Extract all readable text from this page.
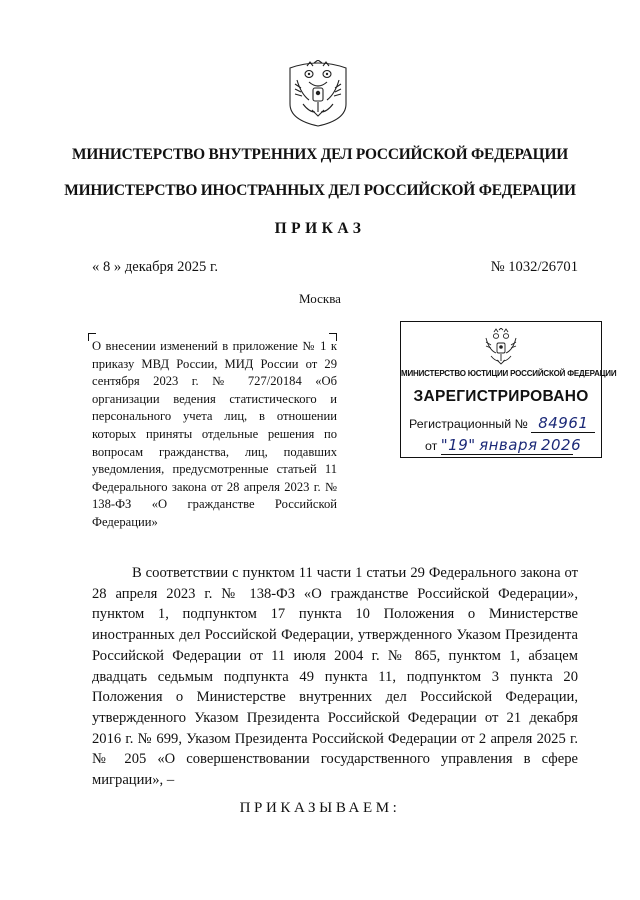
МИНИСТЕРСТВО ВНУТРЕННИХ ДЕЛ РОССИЙСКОЙ ФЕДЕРАЦИИ
МИНИСТЕРСТВО ИНОСТРАННЫХ ДЕЛ РОССИЙСКОЙ ФЕДЕРАЦИИ
ПРИКАЗ
« 8 » декабря 2025 г.	№ 1032/26701
Москва
О внесении изменений в приложение № 1 к приказу МВД России, МИД России от 29 сентября 2023 г. № 727/20184 «Об организации ведения статистического и персонального учета лиц, в отношении которых приняты отдельные решения по вопросам гражданства, лиц, подавших уведомления, предусмотренные статьей 11 Федерального закона от 28 апреля 2023 г. № 138-ФЗ «О гражданстве Российской Федерации»
МИНИСТЕРСТВО ЮСТИЦИИ РОССИЙСКОЙ ФЕДЕРАЦИИ
ЗАРЕГИСТРИРОВАНО
Регистрационный № 84961
от "19" января 2026
В соответствии с пунктом 11 части 1 статьи 29 Федерального закона от 28 апреля 2023 г. № 138-ФЗ «О гражданстве Российской Федерации», пунктом 1, подпунктом 17 пункта 10 Положения о Министерстве иностранных дел Российской Федерации, утвержденного Указом Президента Российской Федерации от 11 июля 2004 г. № 865, пунктом 1, абзацем двадцать седьмым подпункта 49 пункта 11, подпунктом 3 пункта 20 Положения о Министерстве внутренних дел Российской Федерации, утвержденного Указом Президента Российской Федерации от 21 декабря 2016 г. № 699, Указом Президента Российской Федерации от 2 апреля 2025 г. № 205 «О совершенствовании государственного управления в сфере миграции», –
ПРИКАЗЫВАЕМ:
